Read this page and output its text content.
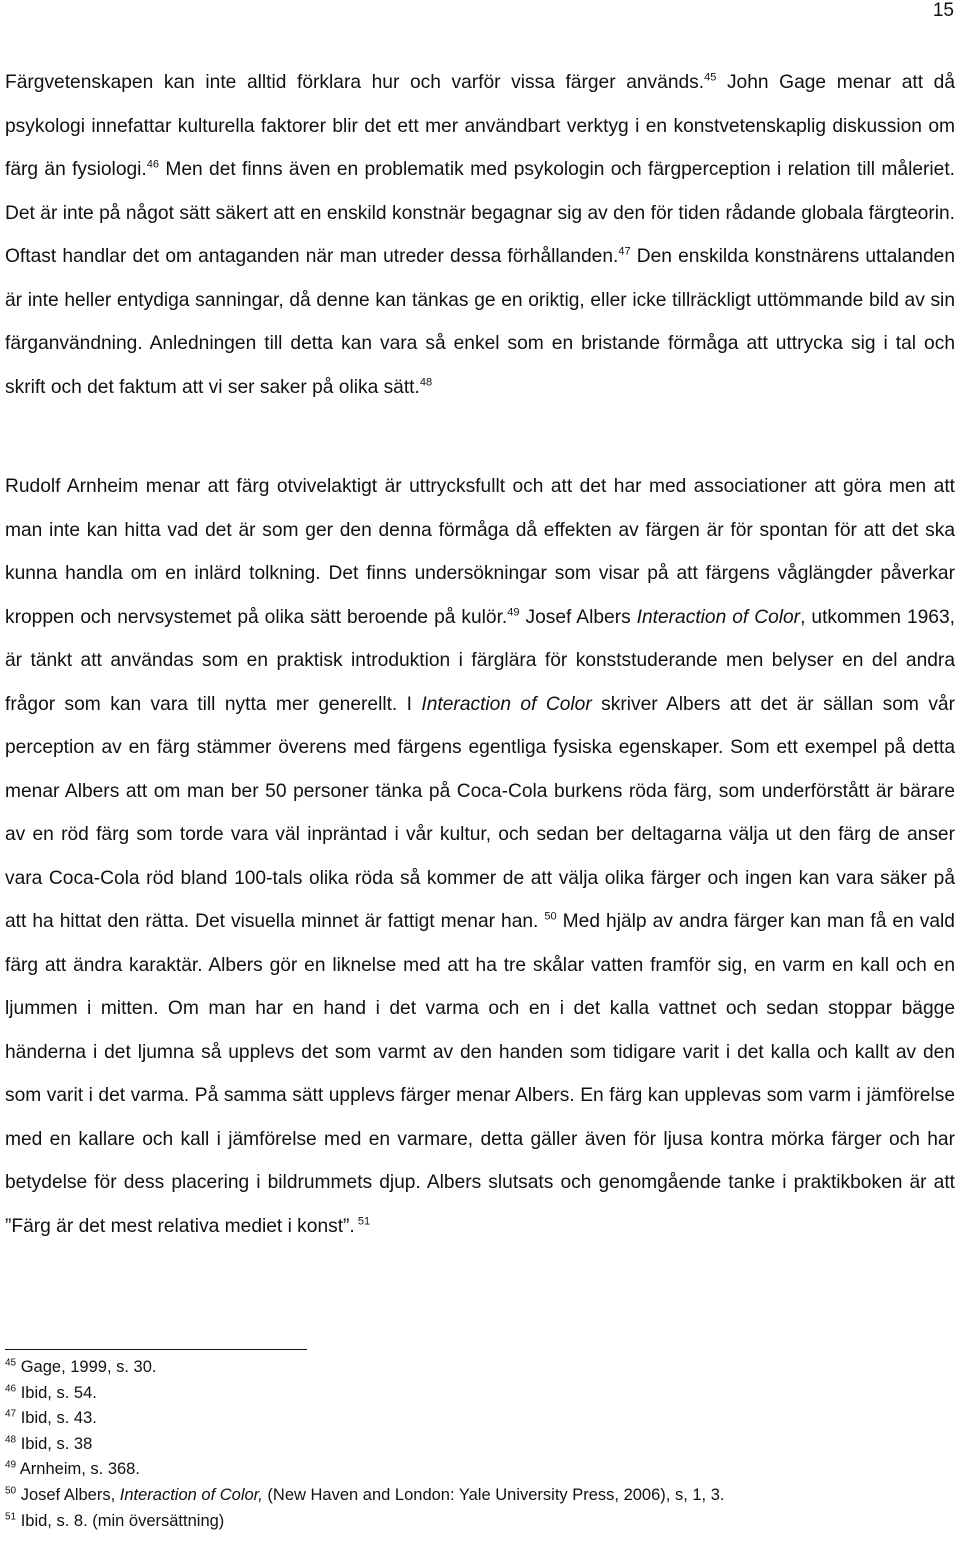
15

Färgvetenskapen kan inte alltid förklara hur och varför vissa färger används.$^{45}$ John Gage menar att då psykologi innefattar kulturella faktorer blir det ett mer användbart verktyg i en konstvetenskaplig diskussion om färg än fysiologi.$^{46}$ Men det finns även en problematik med psykologin och färgperception i relation till måleriet. Det är inte på något sätt säkert att en enskild konstnär begagnar sig av den för tiden rådande globala färgteorin. Oftast handlar det om antaganden när man utreder dessa förhållanden.$^{47}$ Den enskilda konstnärens uttalanden är inte heller entydiga sanningar, då denne kan tänkas ge en oriktig, eller icke tillräckligt uttömmande bild av sin färganvändning. Anledningen till detta kan vara så enkel som en bristande förmåga att uttrycka sig i tal och skrift och det faktum att vi ser saker på olika sätt.$^{48}$

Rudolf Arnheim menar att färg otvivelaktigt är uttrycksfullt och att det har med associationer att göra men att man inte kan hitta vad det är som ger den denna förmåga då effekten av färgen är för spontan för att det ska kunna handla om en inlärd tolkning. Det finns undersökningar som visar på att färgens våglängder påverkar kroppen och nervsystemet på olika sätt beroende på kulör.$^{49}$ Josef Albers Interaction of Color, utkommen 1963, är tänkt att användas som en praktisk introduktion i färglära för konststuderande men belyser en del andra frågor som kan vara till nytta mer generellt. I Interaction of Color skriver Albers att det är sällan som vår perception av en färg stämmer överens med färgens egentliga fysiska egenskaper. Som ett exempel på detta menar Albers att om man ber 50 personer tänka på Coca-Cola burkens röda färg, som underförstått är bärare av en röd färg som torde vara väl inpräntad i vår kultur, och sedan ber deltagarna välja ut den färg de anser vara Coca-Cola röd bland 100-tals olika röda så kommer de att välja olika färger och ingen kan vara säker på att ha hittat den rätta. Det visuella minnet är fattigt menar han. $^{50}$ Med hjälp av andra färger kan man få en vald färg att ändra karaktär. Albers gör en liknelse med att ha tre skålar vatten framför sig, en varm en kall och en ljummen i mitten. Om man har en hand i det varma och en i det kalla vattnet och sedan stoppar bägge händerna i det ljumna så upplevs det som varmt av den handen som tidigare varit i det kalla och kallt av den som varit i det varma. På samma sätt upplevs färger menar Albers. En färg kan upplevas som varm i jämförelse med en kallare och kall i jämförelse med en varmare, detta gäller även för ljusa kontra mörka färger och har betydelse för dess placering i bildrummets djup. Albers slutsats och genomgående tanke i praktikboken är att ”Färg är det mest relativa mediet i konst”. $^{51}$

$^{45}$ Gage, 1999, s. 30.
$^{46}$ Ibid, s. 54.
$^{47}$ Ibid, s. 43.
$^{48}$ Ibid, s. 38
$^{49}$ Arnheim, s. 368.
$^{50}$ Josef Albers, Interaction of Color, (New Haven and London: Yale University Press, 2006), s, 1, 3.
$^{51}$ Ibid, s. 8. (min översättning)
